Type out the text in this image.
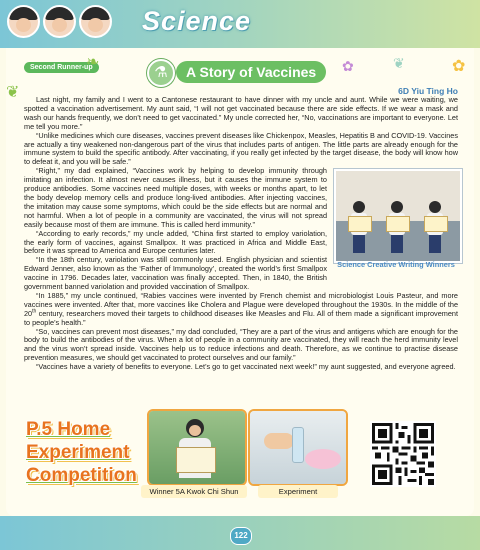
Science
Second Runner-up
❧
❦
✿
✿	❦
⚗	A Story of Vaccines
6D Yiu Ting Ho

Last night, my family and I went to a Cantonese restaurant to have dinner with my uncle and aunt. While we were waiting, we spotted a vaccination advertisement. My aunt said, “I will not get vaccinated because there are side effects. If we wear a mask and wash our hands frequently, we don’t need to get vaccinated.” My uncle corrected her, “No, vaccinations are important to everyone. Let me tell you more.”

“Unlike medicines which cure diseases, vaccines prevent diseases like Chickenpox, Measles, Hepatitis B and COVID-19. Vaccines are actually a tiny weakened non-dangerous part of the virus that includes parts of antigen. The little parts are already enough for the immune system to build the specific antibody. After vaccinating, if you really get infected by the target disease, the body will know how to defeat it, and you will be safe.”

Science Creative Writing Winners

“Right,” my dad explained, “Vaccines work by helping to develop immunity through imitating an infection. It almost never causes illness, but it causes the immune system to produce antibodies. Some vaccines need multiple doses, with weeks or months apart, to let the body develop memory cells and produce long-lived antibodies. After injecting vaccines, the imitation may cause some symptoms, which could be the side effects but are normal and not harmful. When a lot of people in a community are vaccinated, the virus will not spread easily because most of them are immune. This is called herd immunity.”

“According to early records,” my uncle added, “China first started to employ variolation, the early form of vaccines, against Smallpox. It was practiced in Africa and Middle East, before it was spread to America and Europe centuries later.

“In the 18th century, variolation was still commonly used. English physician and scientist Edward Jenner, also known as the ‘Father of Immunology’, created the world’s first Smallpox vaccine in 1796. Decades later, vaccination was finally accepted. Then, in 1840, the British government banned variolation and provided vaccination of Smallpox.

“In 1885,” my uncle continued, “Rabies vaccines were invented by French chemist and microbiologist Louis Pasteur, and more vaccines were invented. After that, more vaccines like Cholera and Plague were developed throughout the 1930s. In the middle of the 20th century, researchers moved their targets to childhood diseases like Measles and Flu. All of them made a significant improvement to people’s health.”

“So, vaccines can prevent most diseases,” my dad concluded, “They are a part of the virus and antigens which are enough for the body to build the antibodies of the virus. When a lot of people in a community are vaccinated, they will reach the herd immunity level and the virus won’t spread inside. Vaccines help us to reduce infections and death. Therefore, as we continue to practise disease prevention measures, we should get vaccinated to protect ourselves and our family.”

“Vaccines have a variety of benefits to everyone. Let’s go to get vaccinated next week!” my aunt suggested, and everyone agreed.

P.5 Home
Experiment
Competition
Winner 5A Kwok Chi Shun	Experiment
122
